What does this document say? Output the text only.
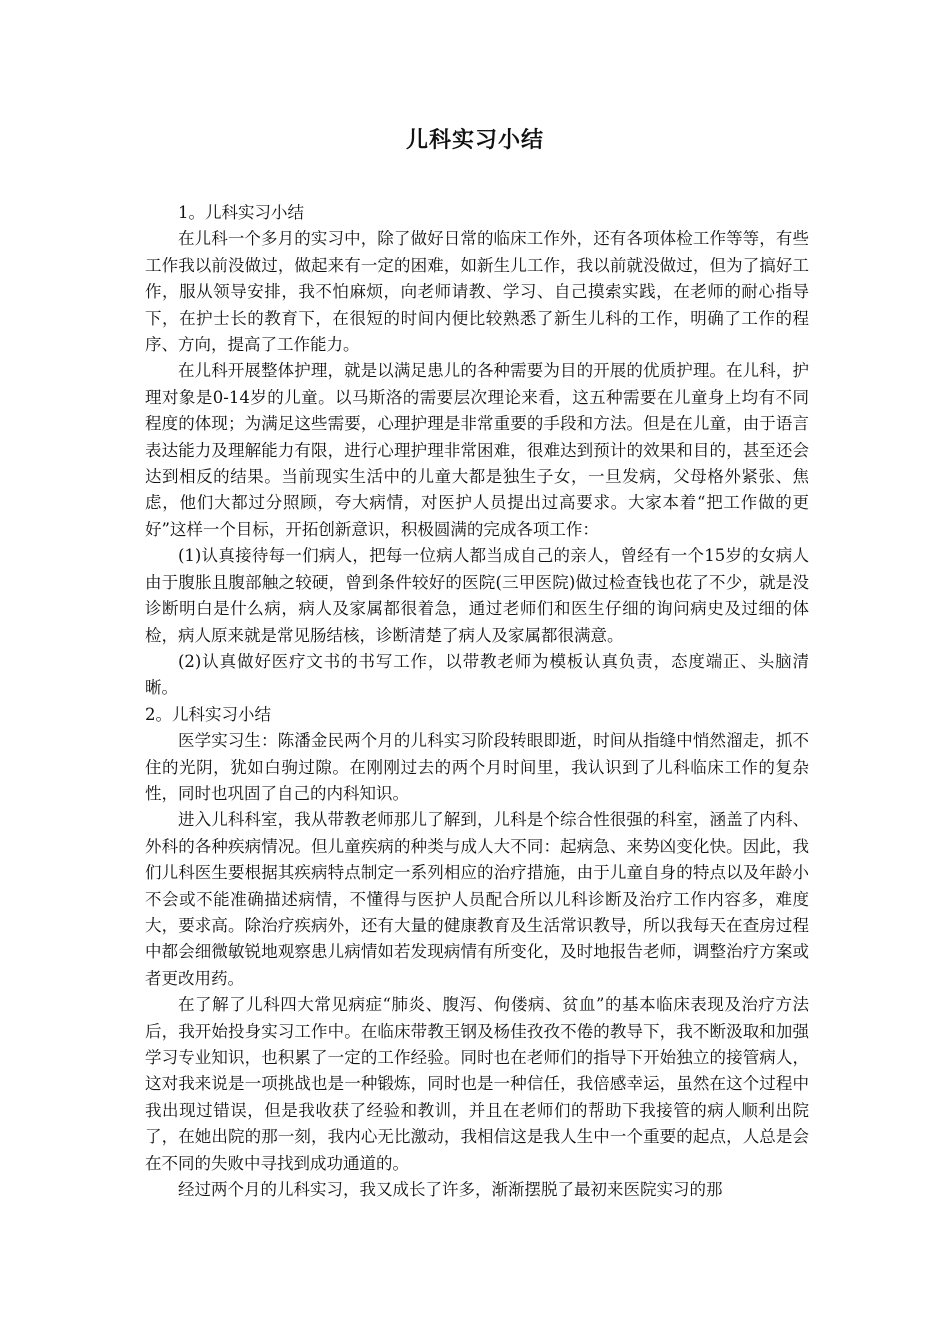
儿科实习小结

1。儿科实习小结

在儿科一个多月的实习中，除了做好日常的临床工作外，还有各项体检工作等等，有些工作我以前没做过，做起来有一定的困难，如新生儿工作，我以前就没做过，但为了搞好工作，服从领导安排，我不怕麻烦，向老师请教、学习、自己摸索实践，在老师的耐心指导下，在护士长的教育下，在很短的时间内便比较熟悉了新生儿科的工作，明确了工作的程序、方向，提高了工作能力。

在儿科开展整体护理，就是以满足患儿的各种需要为目的开展的优质护理。在儿科，护理对象是0-14岁的儿童。以马斯洛的需要层次理论来看，这五种需要在儿童身上均有不同程度的体现；为满足这些需要，心理护理是非常重要的手段和方法。但是在儿童，由于语言表达能力及理解能力有限，进行心理护理非常困难，很难达到预计的效果和目的，甚至还会达到相反的结果。当前现实生活中的儿童大都是独生子女，一旦发病，父母格外紧张、焦虑，他们大都过分照顾，夸大病情，对医护人员提出过高要求。大家本着“把工作做的更好”这样一个目标，开拓创新意识，积极圆满的完成各项工作：

(1)认真接待每一们病人，把每一位病人都当成自己的亲人，曾经有一个15岁的女病人由于腹胀且腹部触之较硬，曾到条件较好的医院(三甲医院)做过检查钱也花了不少，就是没诊断明白是什么病，病人及家属都很着急，通过老师们和医生仔细的询问病史及过细的体检，病人原来就是常见肠结核，诊断清楚了病人及家属都很满意。

(2)认真做好医疗文书的书写工作，以带教老师为模板认真负责，态度端正、头脑清晰。

2。儿科实习小结

医学实习生：陈潘金民两个月的儿科实习阶段转眼即逝，时间从指缝中悄然溜走，抓不住的光阴，犹如白驹过隙。在刚刚过去的两个月时间里，我认识到了儿科临床工作的复杂性，同时也巩固了自己的内科知识。

进入儿科科室，我从带教老师那儿了解到，儿科是个综合性很强的科室，涵盖了内科、外科的各种疾病情况。但儿童疾病的种类与成人大不同：起病急、来势凶变化快。因此，我们儿科医生要根据其疾病特点制定一系列相应的治疗措施，由于儿童自身的特点以及年龄小不会或不能准确描述病情，不懂得与医护人员配合所以儿科诊断及治疗工作内容多，难度大，要求高。除治疗疾病外，还有大量的健康教育及生活常识教导，所以我每天在查房过程中都会细微敏锐地观察患儿病情如若发现病情有所变化，及时地报告老师，调整治疗方案或者更改用药。

在了解了儿科四大常见病症“肺炎、腹泻、佝偻病、贫血”的基本临床表现及治疗方法后，我开始投身实习工作中。在临床带教王钢及杨佳孜孜不倦的教导下，我不断汲取和加强学习专业知识，也积累了一定的工作经验。同时也在老师们的指导下开始独立的接管病人，这对我来说是一项挑战也是一种锻炼，同时也是一种信任，我倍感幸运，虽然在这个过程中我出现过错误，但是我收获了经验和教训，并且在老师们的帮助下我接管的病人顺利出院了，在她出院的那一刻，我内心无比激动，我相信这是我人生中一个重要的起点，人总是会在不同的失败中寻找到成功通道的。

经过两个月的儿科实习，我又成长了许多，渐渐摆脱了最初来医院实习的那
